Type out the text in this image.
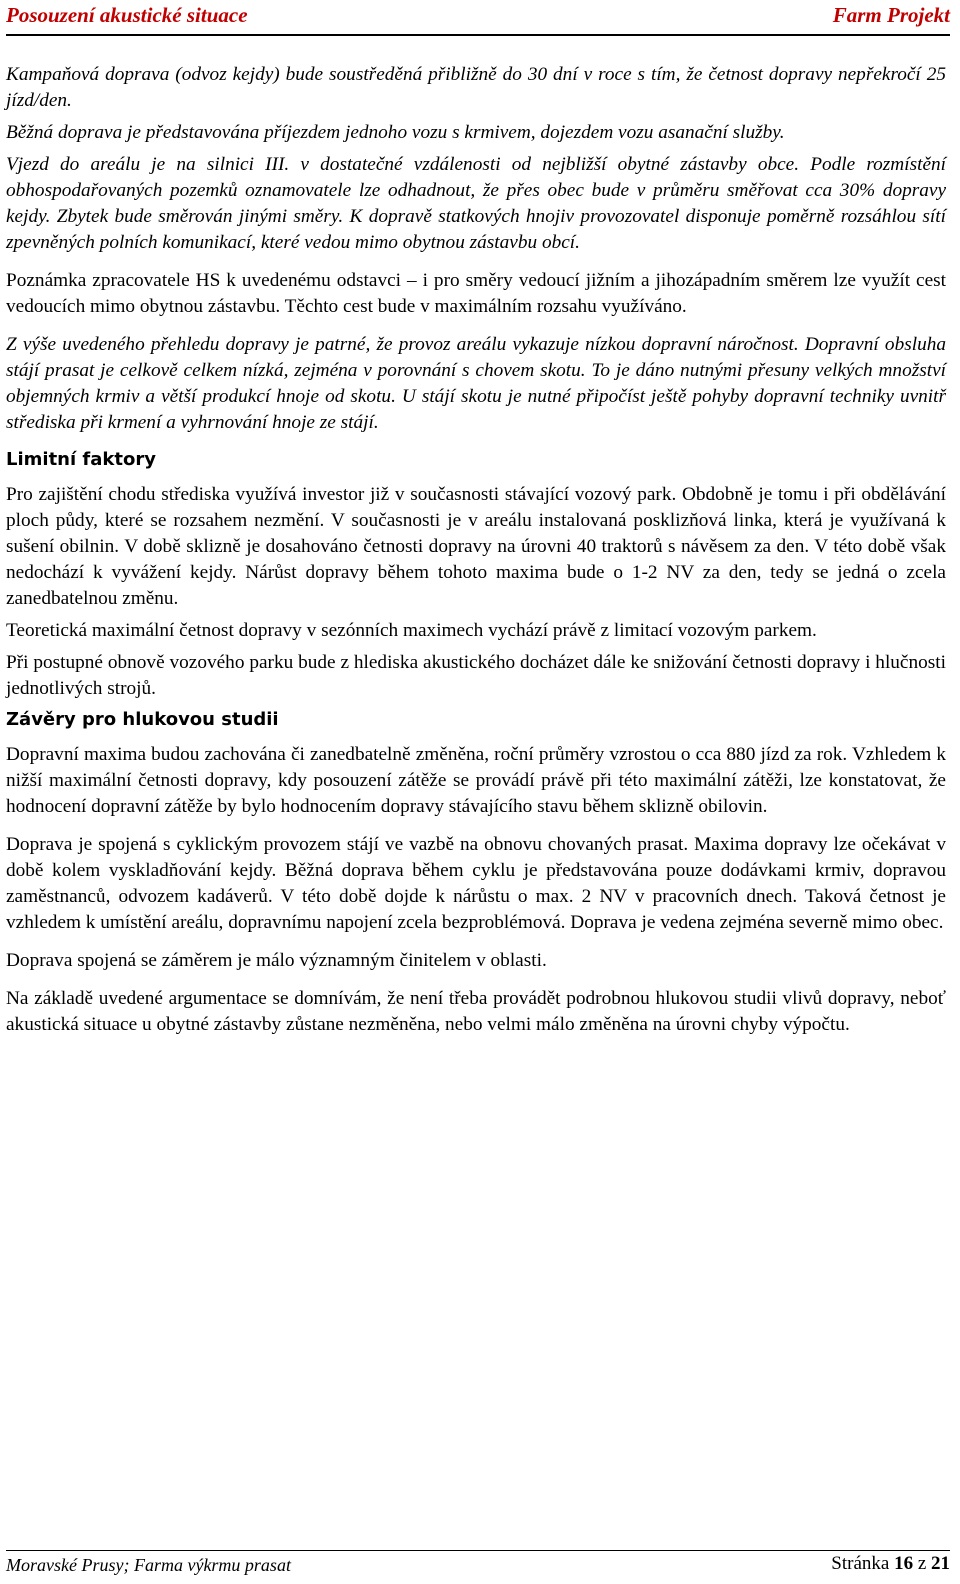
Posouzení akustické situace	Farm Projekt

Kampaňová doprava (odvoz kejdy) bude soustředěná přibližně do 30 dní v roce s tím, že četnost dopravy nepřekročí 25 jízd/den.

Běžná doprava je představována příjezdem jednoho vozu s krmivem, dojezdem vozu asanační služby.

Vjezd do areálu je na silnici III. v dostatečné vzdálenosti od nejbližší obytné zástavby obce. Podle rozmístění obhospodařovaných pozemků oznamovatele lze odhadnout, že přes obec bude v průměru směřovat cca 30% dopravy kejdy. Zbytek bude směrován jinými směry. K dopravě statkových hnojiv provozovatel disponuje poměrně rozsáhlou sítí zpevněných polních komunikací, které vedou mimo obytnou zástavbu obcí.

Poznámka zpracovatele HS k uvedenému odstavci – i pro směry vedoucí jižním a jihozápadním směrem lze využít cest vedoucích mimo obytnou zástavbu. Těchto cest bude v maximálním rozsahu využíváno.

Z výše uvedeného přehledu dopravy je patrné, že provoz areálu vykazuje nízkou dopravní náročnost. Dopravní obsluha stájí prasat je celkově celkem nízká, zejména v porovnání s chovem skotu. To je dáno nutnými přesuny velkých množství objemných krmiv a větší produkcí hnoje od skotu. U stájí skotu je nutné připočíst ještě pohyby dopravní techniky uvnitř střediska při krmení a vyhrnování hnoje ze stájí.

Limitní faktory

Pro zajištění chodu střediska využívá investor již v současnosti stávající vozový park. Obdobně je tomu i při obdělávání ploch půdy, které se rozsahem nezmění. V současnosti je v areálu instalovaná posklizňová linka, která je využívaná k sušení obilnin. V době sklizně je dosahováno četnosti dopravy na úrovni 40 traktorů s návěsem za den. V této době však nedochází k vyvážení kejdy. Nárůst dopravy během tohoto maxima bude o 1-2 NV za den, tedy se jedná o zcela zanedbatelnou změnu.

Teoretická maximální četnost dopravy v sezónních maximech vychází právě z limitací vozovým parkem.

Při postupné obnově vozového parku bude z hlediska akustického docházet dále ke snižování četnosti dopravy i hlučnosti jednotlivých strojů.

Závěry pro hlukovou studii

Dopravní maxima budou zachována či zanedbatelně změněna, roční průměry vzrostou o cca 880 jízd za rok. Vzhledem k nižší maximální četnosti dopravy, kdy posouzení zátěže se provádí právě při této maximální zátěži, lze konstatovat, že hodnocení dopravní zátěže by bylo hodnocením dopravy stávajícího stavu během sklizně obilovin.

Doprava je spojená s cyklickým provozem stájí ve vazbě na obnovu chovaných prasat. Maxima dopravy lze očekávat v době kolem vyskladňování kejdy. Běžná doprava během cyklu je představována pouze dodávkami krmiv, dopravou zaměstnanců, odvozem kadáverů. V této době dojde k nárůstu o max. 2 NV v pracovních dnech. Taková četnost je vzhledem k umístění areálu, dopravnímu napojení zcela bezproblémová. Doprava je vedena zejména severně mimo obec.

Doprava spojená se záměrem je málo významným činitelem v oblasti.

Na základě uvedené argumentace se domnívám, že není třeba provádět podrobnou hlukovou studii vlivů dopravy, neboť akustická situace u obytné zástavby zůstane nezměněna, nebo velmi málo změněna na úrovni chyby výpočtu.

Moravské Prusy; Farma výkrmu prasat	Stránka 16 z 21
